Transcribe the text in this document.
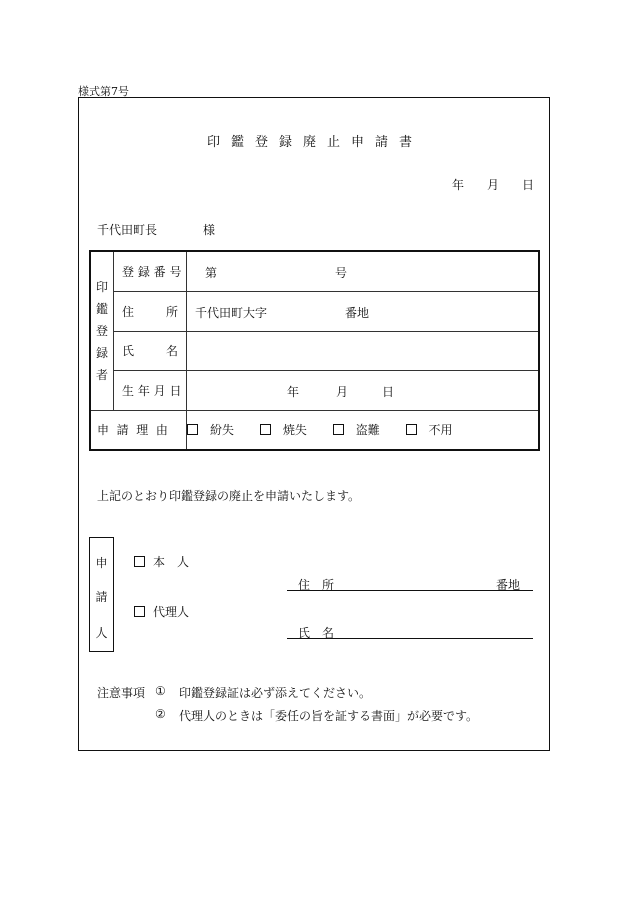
様式第7号
印鑑登録廃止申請書
年 月 日
千代田町長	様
印鑑登録者	登 録 番 号	第 号

	住 所	千代田町大字 番地

	氏 名	

	生 年 月 日	年 月 日

申  請  理  由		紛失 焼失 盗難 不用
上記のとおり印鑑登録の廃止を申請いたします。
申
請
人
本　人
代理人
住　所	番地
氏　名
注意事項 ① 印鑑登録証は必ず添えてください。
② 代理人のときは「委任の旨を証する書面」が必要です。
